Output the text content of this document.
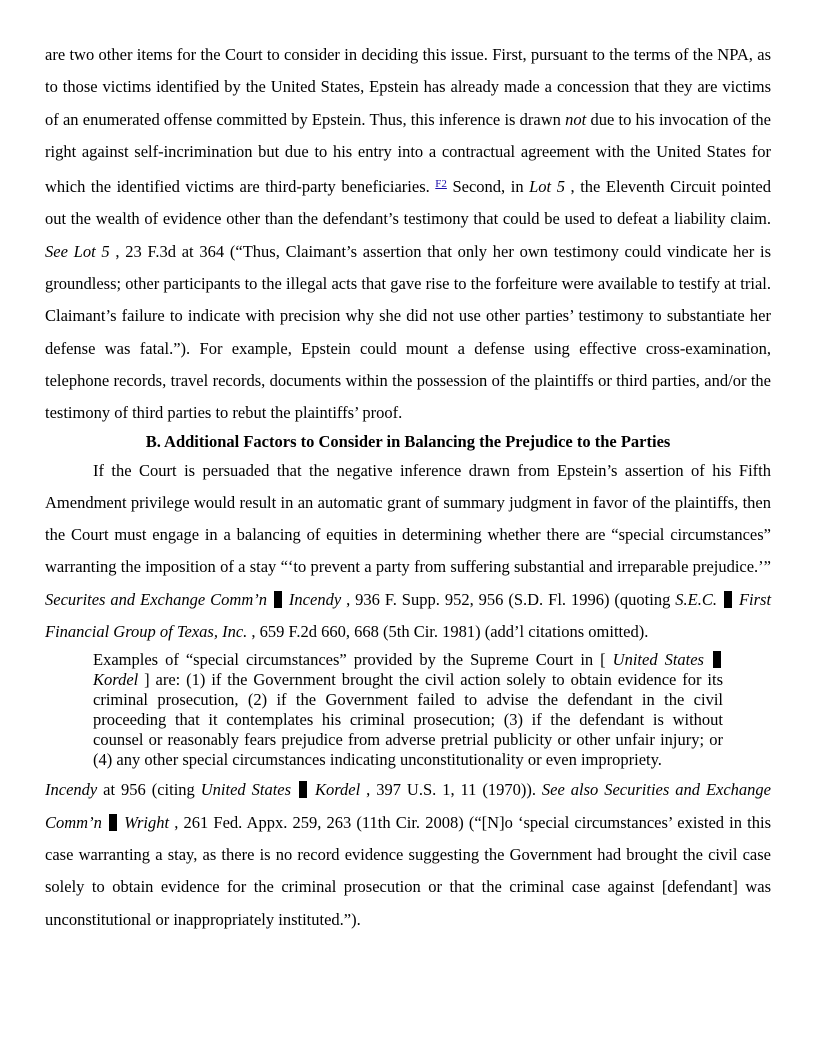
are two other items for the Court to consider in deciding this issue. First, pursuant to the terms of the NPA, as to those victims identified by the United States, Epstein has already made a concession that they are victims of an enumerated offense committed by Epstein. Thus, this inference is drawn not due to his invocation of the right against self-incrimination but due to his entry into a contractual agreement with the United States for which the identified victims are third-party beneficiaries. $^{F2}$ Second, in Lot 5 , the Eleventh Circuit pointed out the wealth of evidence other than the defendant’s testimony that could be used to defeat a liability claim. See Lot 5 , 23 F.3d at 364 (“Thus, Claimant’s assertion that only her own testimony could vindicate her is groundless; other participants to the illegal acts that gave rise to the forfeiture were available to testify at trial. Claimant’s failure to indicate with precision why she did not use other parties’ testimony to substantiate her defense was fatal.”). For example, Epstein could mount a defense using effective cross-examination, telephone records, travel records, documents within the possession of the plaintiffs or third parties, and/or the testimony of third parties to rebut the plaintiffs’ proof.

B. Additional Factors to Consider in Balancing the Prejudice to the Parties

If the Court is persuaded that the negative inference drawn from Epstein’s assertion of his Fifth Amendment privilege would result in an automatic grant of summary judgment in favor of the plaintiffs, then the Court must engage in a balancing of equities in determining whether there are “special circumstances” warranting the imposition of a stay “‘to prevent a party from suffering substantial and irreparable prejudice.’” Securites and Exchange Comm’n Incendy , 936 F. Supp. 952, 956 (S.D. Fl. 1996) (quoting S.E.C. First Financial Group of Texas, Inc. , 659 F.2d 660, 668 (5th Cir. 1981) (add’l citations omitted).

Examples of “special circumstances” provided by the Supreme Court in [ United States  Kordel ] are: (1) if the Government brought the civil action solely to obtain evidence for its criminal prosecution, (2) if the Government failed to advise the defendant in the civil proceeding that it contemplates his criminal prosecution; (3) if the defendant is without counsel or reasonably fears prejudice from adverse pretrial publicity or other unfair injury; or (4) any other special circumstances indicating unconstitutionality or even impropriety.

Incendy at 956 (citing United States Kordel , 397 U.S. 1, 11 (1970)). See also Securities and Exchange Comm’n Wright , 261 Fed. Appx. 259, 263 (11th Cir. 2008) (“[N]o ‘special circumstances’ existed in this case warranting a stay, as there is no record evidence suggesting the Government had brought the civil case solely to obtain evidence for the criminal prosecution or that the criminal case against [defendant] was unconstitutional or inappropriately instituted.”).
